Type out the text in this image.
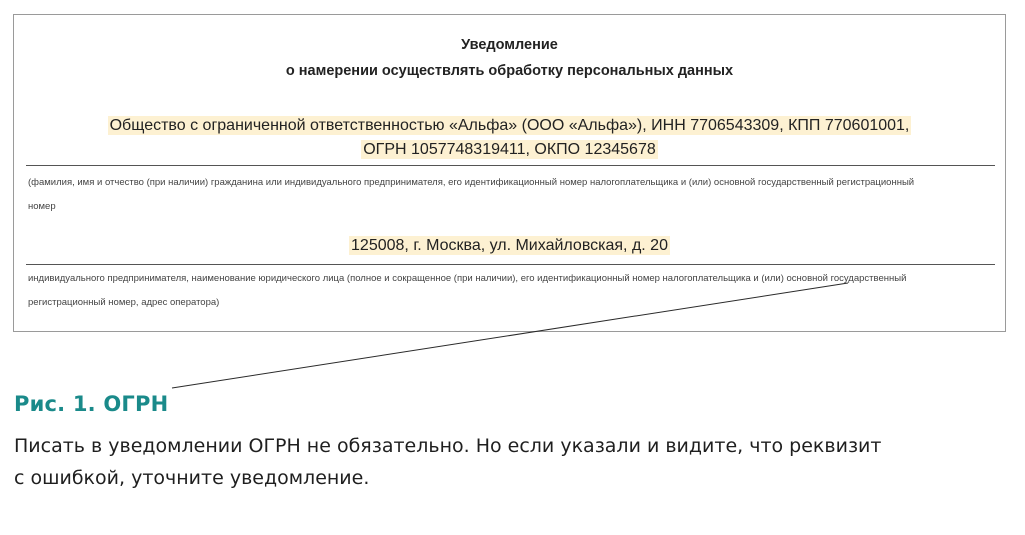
Уведомление
о намерении осуществлять обработку персональных данных
Общество с ограниченной ответственностью «Альфа» (ООО «Альфа»), ИНН 7706543309, КПП 770601001,
ОГРН 1057748319411, ОКПО 12345678
(фамилия, имя и отчество (при наличии) гражданина или индивидуального предпринимателя, его идентификационный номер налогоплательщика и (или) основной государственный регистрационный
номер
125008, г. Москва, ул. Михайловская, д. 20
индивидуального предпринимателя, наименование юридического лица (полное и сокращенное (при наличии), его идентификационный номер налогоплательщика и (или) основной государственный
регистрационный номер, адрес оператора)
Рис. 1. ОГРН
Писать в уведомлении ОГРН не обязательно. Но если указали и видите, что реквизит
с ошибкой, уточните уведомление.
